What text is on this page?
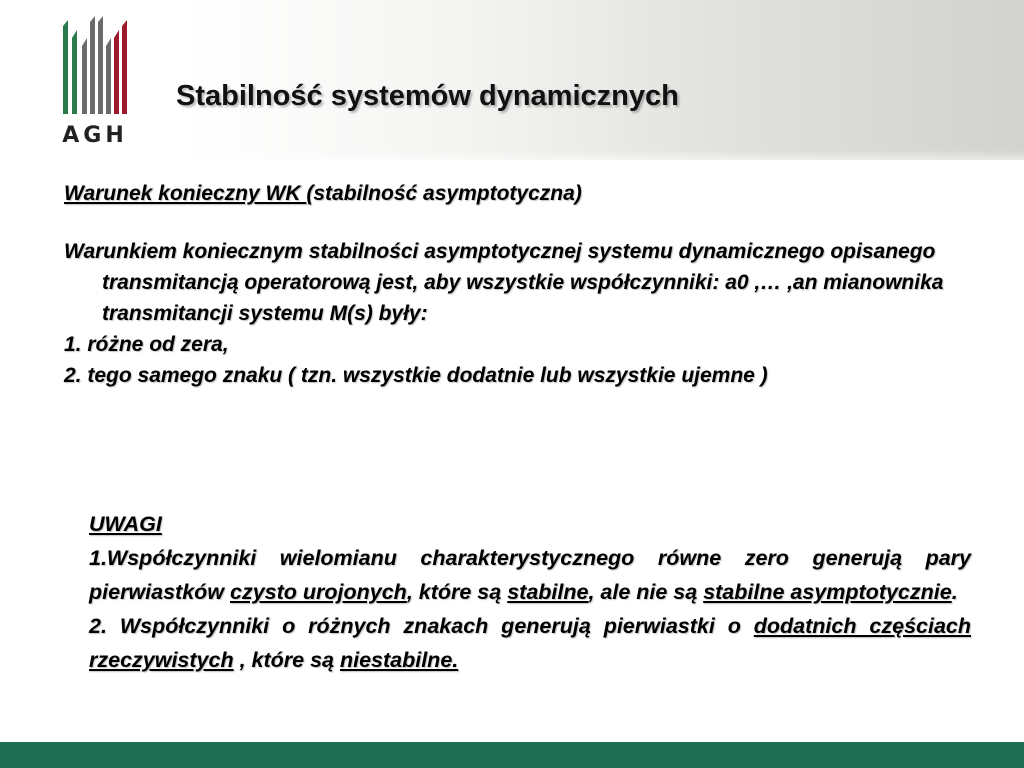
AGH
Stabilność systemów dynamicznych

Warunek konieczny WK (stabilność asymptotyczna)

Warunkiem koniecznym stabilności asymptotycznej systemu dynamicznego opisanego transmitancją operatorową jest, aby wszystkie współczynniki: a0 ,… ,an mianownika transmitancji systemu M(s) były:

1. różne od zera,

2. tego samego znaku ( tzn. wszystkie dodatnie lub wszystkie ujemne )

UWAGI

1.Współczynniki wielomianu charakterystycznego równe zero generują pary pierwiastków czysto urojonych, które są stabilne, ale nie są stabilne asymptotycznie.

2. Współczynniki o różnych znakach generują pierwiastki o dodatnich częściach rzeczywistych , które są niestabilne.
